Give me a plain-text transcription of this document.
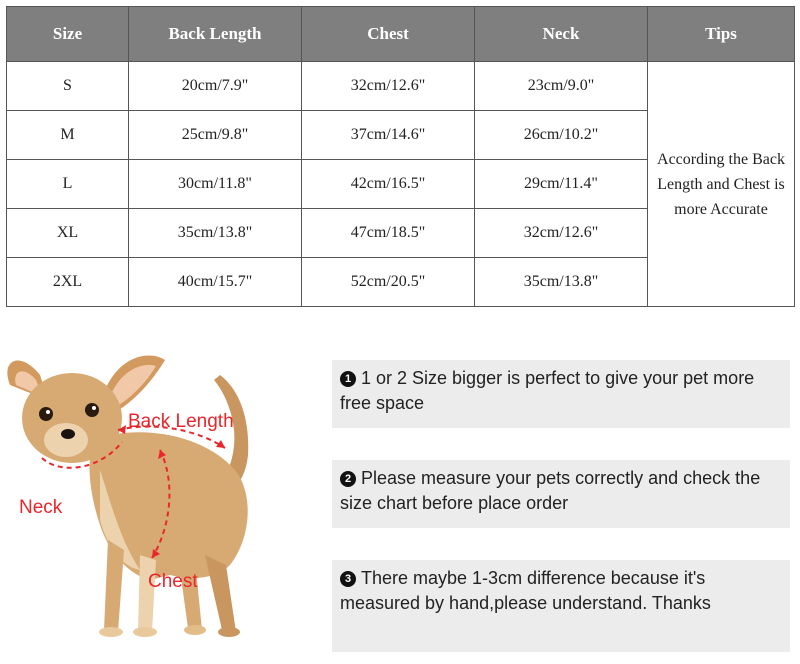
Size	Back Length	Chest	Neck	Tips
S	20cm/7.9"	32cm/12.6"	23cm/9.0"	According the Back Length and Chest is more Accurate
M	25cm/9.8"	37cm/14.6"	26cm/10.2"	
L	30cm/11.8"	42cm/16.5"	29cm/11.4"	
XL	35cm/13.8"	47cm/18.5"	32cm/12.6"	
2XL	40cm/15.7"	52cm/20.5"	35cm/13.8"	
Back Length
Neck
Chest
1 1 or 2 Size bigger is perfect to give your pet more free space
2 Please measure your pets correctly and check the size chart before place order
3 There maybe 1-3cm difference because it's measured by hand,please understand. Thanks
